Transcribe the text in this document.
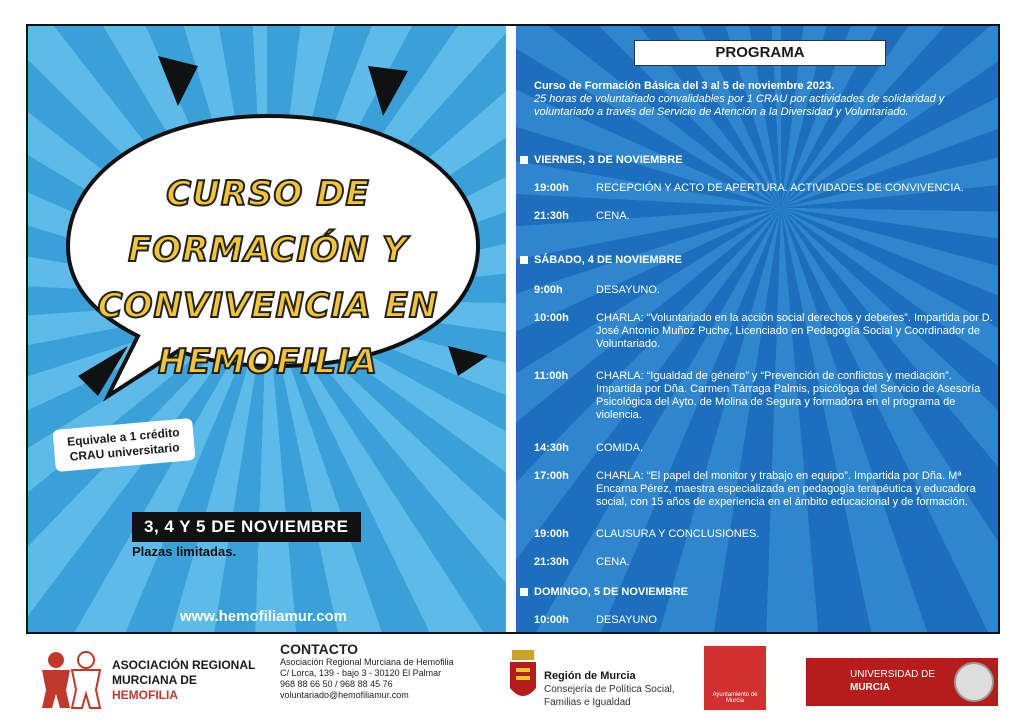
CURSO DE FORMACIÓN Y CONVIVENCIA EN HEMOFILIA
Equivale a 1 crédito CRAU universitario
3, 4 Y 5 DE NOVIEMBRE
Plazas limitadas.
www.hemofiliamur.com
PROGRAMA
Curso de Formación Básica del 3 al 5 de noviembre 2023.
25 horas de voluntariado convalidables por 1 CRAU por actividades de solidaridad y voluntariado a través del Servicio de Atención a la Diversidad y Voluntariado.
VIERNES, 3 DE NOVIEMBRE
19:00h	RECEPCIÓN Y ACTO DE APERTURA. ACTIVIDADES DE CONVIVENCIA.
21:30h	CENA.
SÁBADO, 4 DE NOVIEMBRE
9:00h	DESAYUNO.
10:00h	CHARLA: “Voluntariado en la acción social derechos y deberes”. Impartida por D. José Antonio Muñoz Puche, Licenciado en Pedagogía Social y Coordinador de Voluntariado.
11:00h	CHARLA: “Igualdad de género” y “Prevención de conflictos y mediación”. Impartida por Dña. Carmen Tárraga Palmis, psicóloga del Servicio de Asesoría Psicológica del Ayto. de Molina de Segura y formadora en el programa de violencia.
14:30h	COMIDA.
17:00h	CHARLA: “El papel del monitor y trabajo en equipo”. Impartida por Dña. Mª Encarna Pérez, maestra especializada en pedagogía terapéutica y educadora social, con 15 años de experiencia en el ámbito educacional y de formación.
19:00h	CLAUSURA Y CONCLUSIONES.
21:30h	CENA.
DOMINGO, 5 DE NOVIEMBRE
10:00h	DESAYUNO
ASOCIACIÓN REGIONAL
MURCIANA DE
HEMOFILIA
CONTACTO
Asociación Regional Murciana de Hemofilia
C/ Lorca, 139 - bajo 3 - 30120 El Palmar
968 88 66 50 / 968 88 45 76
voluntariado@hemofiliamur.com
Región de Murcia
Consejería de Política Social,
Familias e Igualdad
Ayuntamiento de Murcia
UNIVERSIDAD DE
MURCIA
